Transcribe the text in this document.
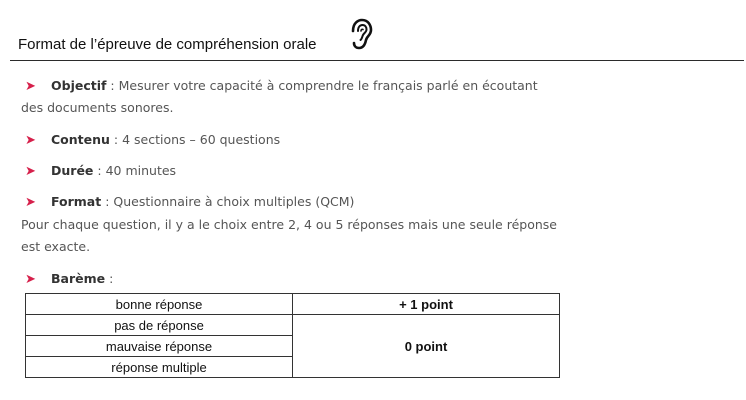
Format de l’épreuve de compréhension orale
➤ Objectif : Mesurer votre capacité à comprendre le français parlé en écoutant
des documents sonores.
➤ Contenu : 4 sections – 60 questions
➤ Durée : 40 minutes
➤ Format : Questionnaire à choix multiples (QCM)
Pour chaque question, il y a le choix entre 2, 4 ou 5 réponses mais une seule réponse
est exacte.
➤ Barème :
bonne réponse	+ 1 point
pas de réponse	0 point
mauvaise réponse	
réponse multiple	
